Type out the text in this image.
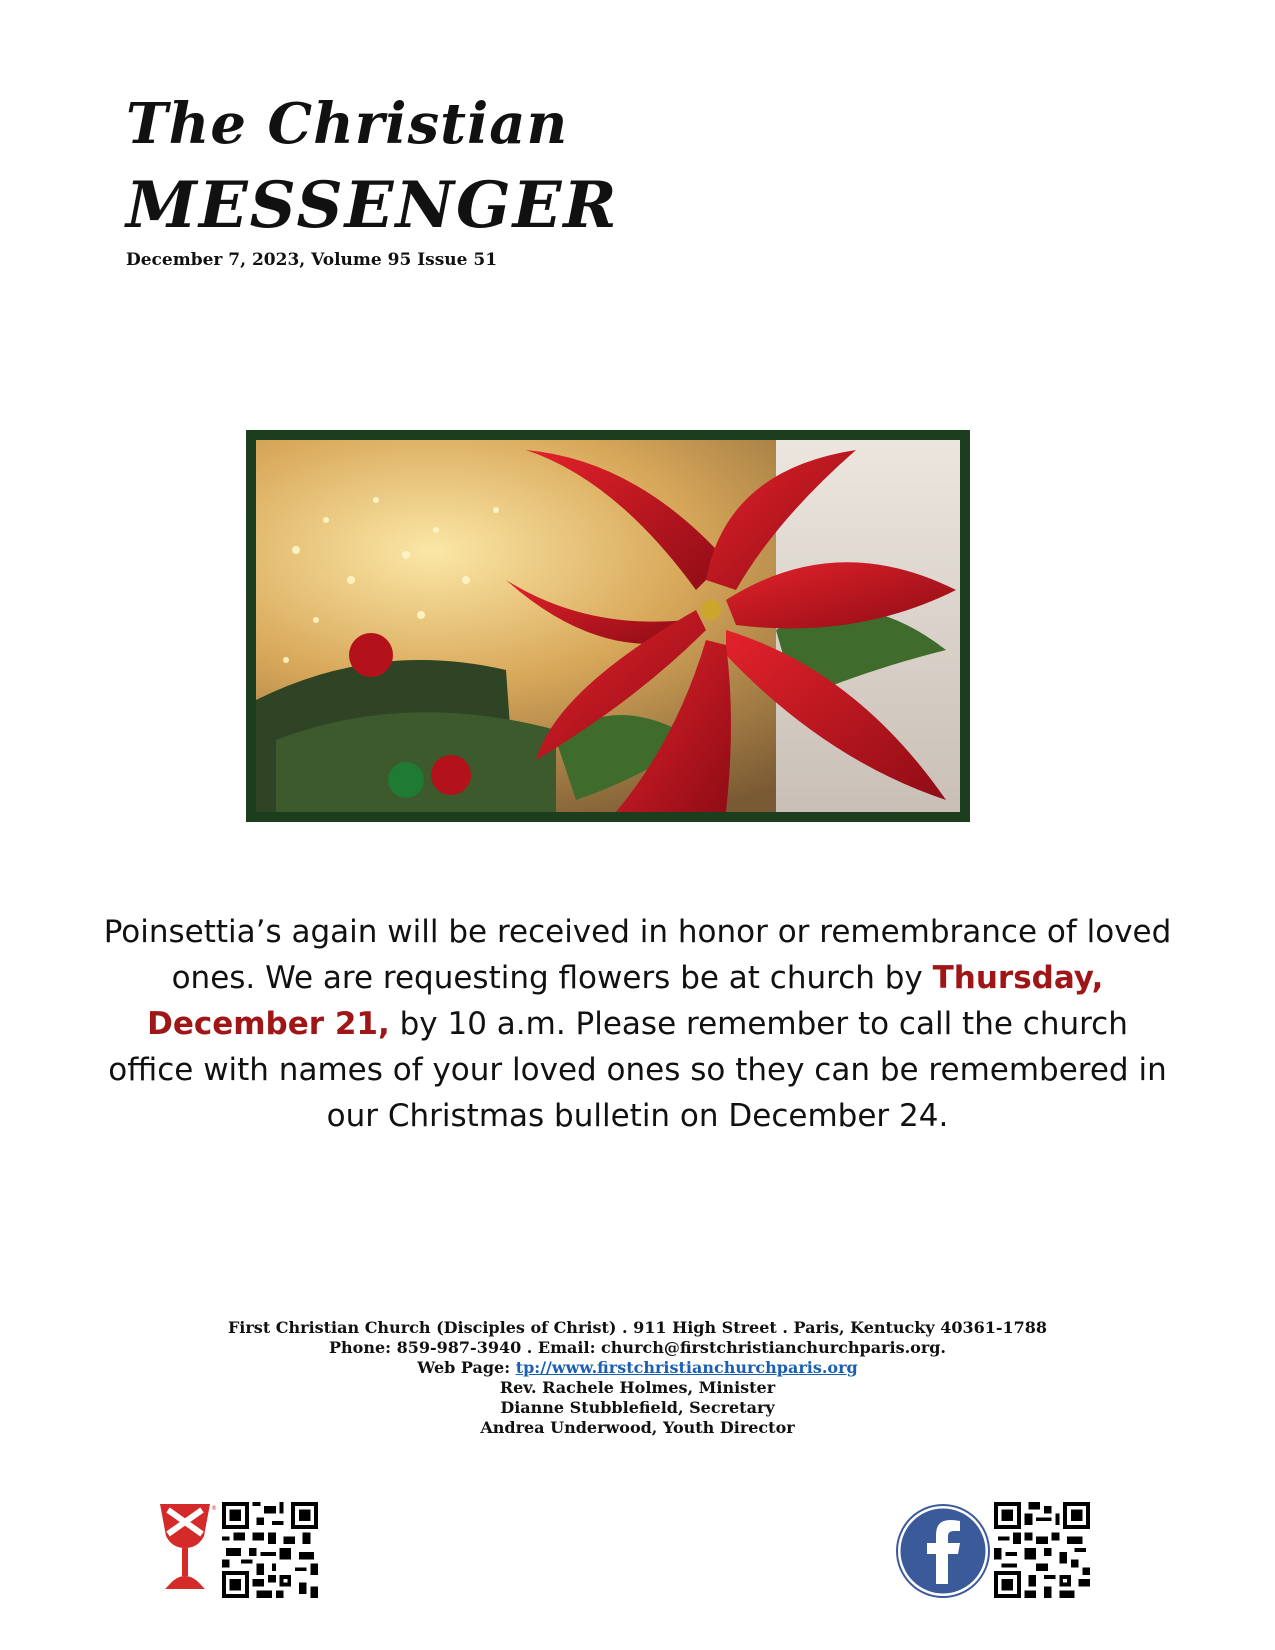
The Christian
MESSENGER
December 7, 2023, Volume 95 Issue 51

Poinsettia’s again will be received in honor or remembrance of loved ones. We are requesting flowers be at church by Thursday, December 21, by 10 a.m. Please remember to call the church office with names of your loved ones so they can be remembered in our Christmas bulletin on December 24.

First Christian Church (Disciples of Christ) . 911 High Street . Paris, Kentucky 40361-1788
Phone: 859-987-3940 . Email: church@firstchristianchurchparis.org.
Web Page: tp://www.firstchristianchurchparis.org
Rev. Rachele Holmes, Minister
Dianne Stubblefield, Secretary
Andrea Underwood, Youth Director
®
